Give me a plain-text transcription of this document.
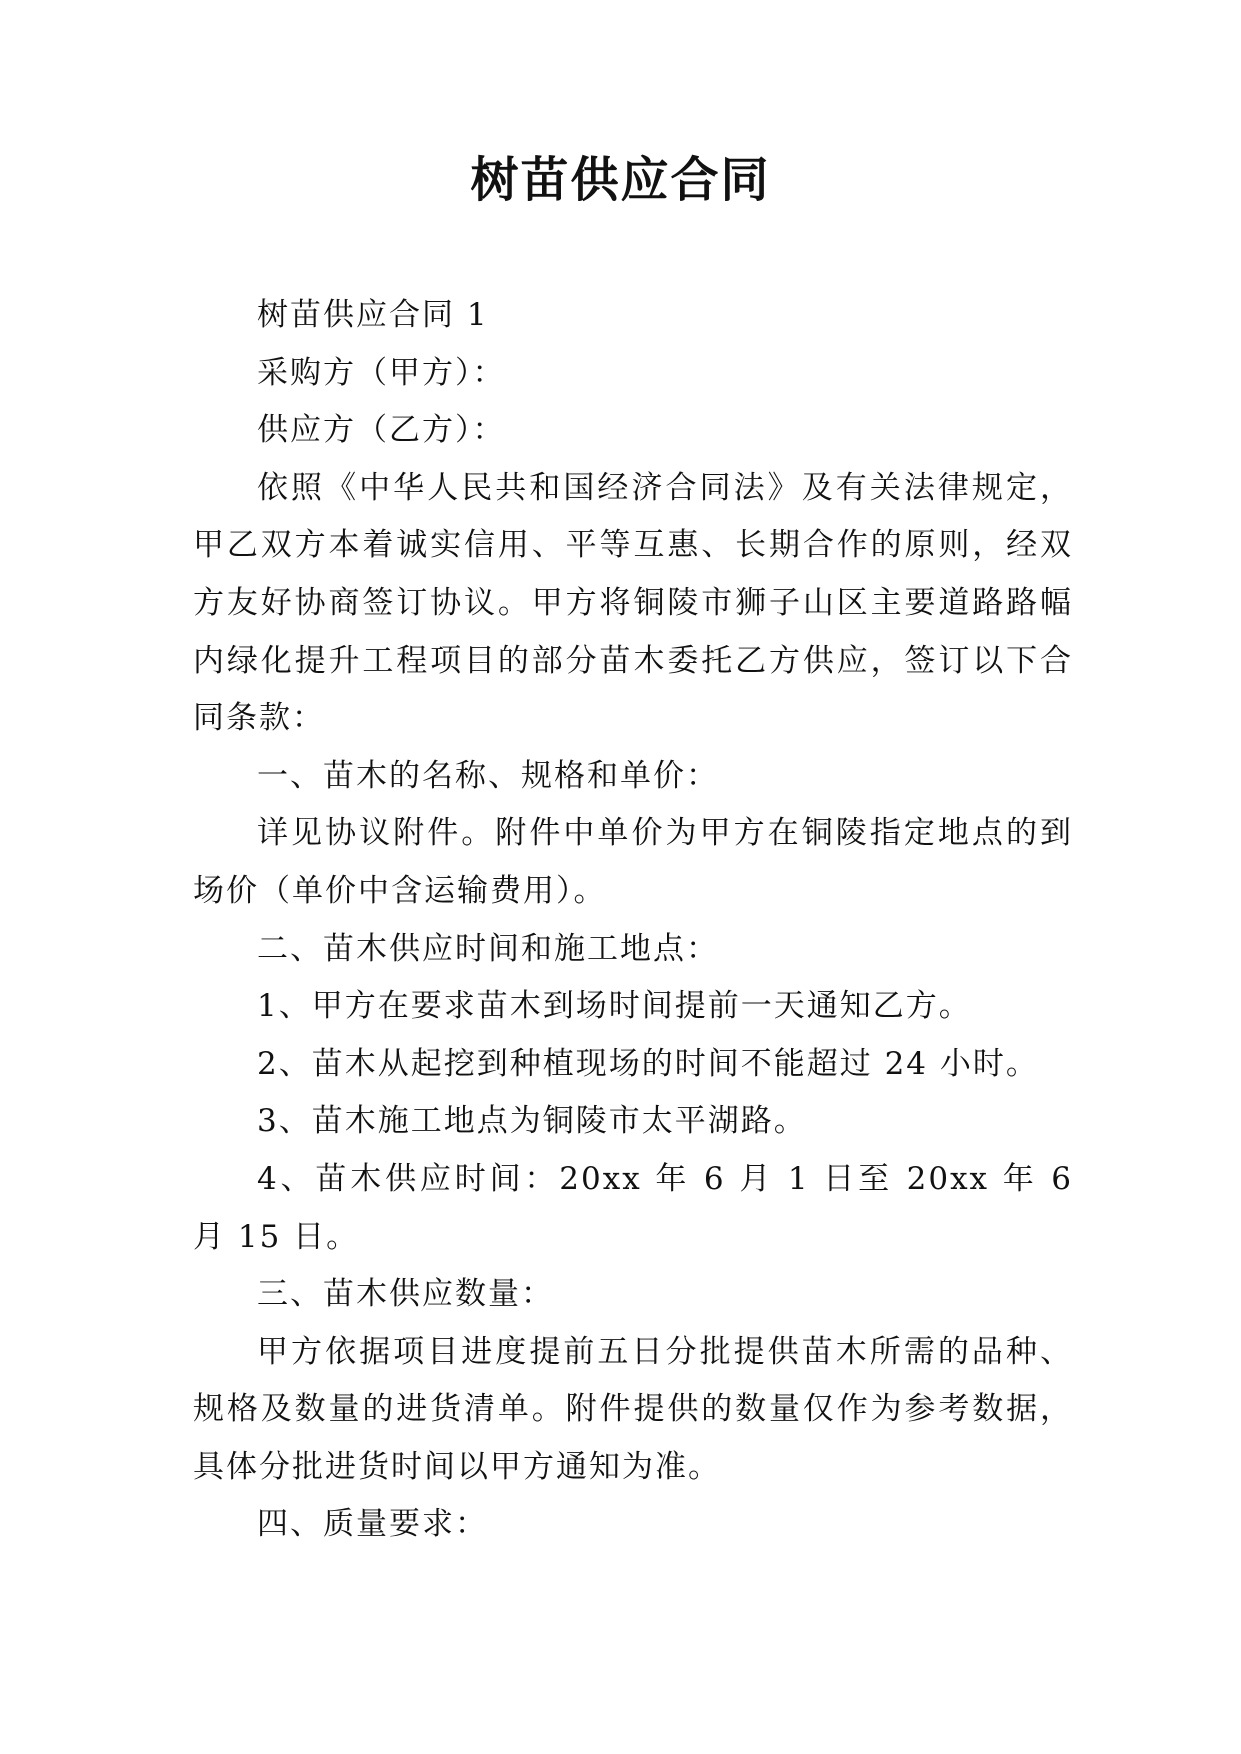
树苗供应合同

树苗供应合同 1

采购方（甲方）：

供应方（乙方）：

依照《中华人民共和国经济合同法》及有关法律规定，甲乙双方本着诚实信用、平等互惠、长期合作的原则，经双方友好协商签订协议。甲方将铜陵市狮子山区主要道路路幅内绿化提升工程项目的部分苗木委托乙方供应，签订以下合同条款：

一、苗木的名称、规格和单价：

详见协议附件。附件中单价为甲方在铜陵指定地点的到场价（单价中含运输费用）。

二、苗木供应时间和施工地点：

1、甲方在要求苗木到场时间提前一天通知乙方。

2、苗木从起挖到种植现场的时间不能超过 24 小时。

3、苗木施工地点为铜陵市太平湖路。

4、苗木供应时间：20xx 年 6 月 1 日至 20xx 年 6 月 15 日。

三、苗木供应数量：

甲方依据项目进度提前五日分批提供苗木所需的品种、规格及数量的进货清单。附件提供的数量仅作为参考数据，具体分批进货时间以甲方通知为准。

四、质量要求：
